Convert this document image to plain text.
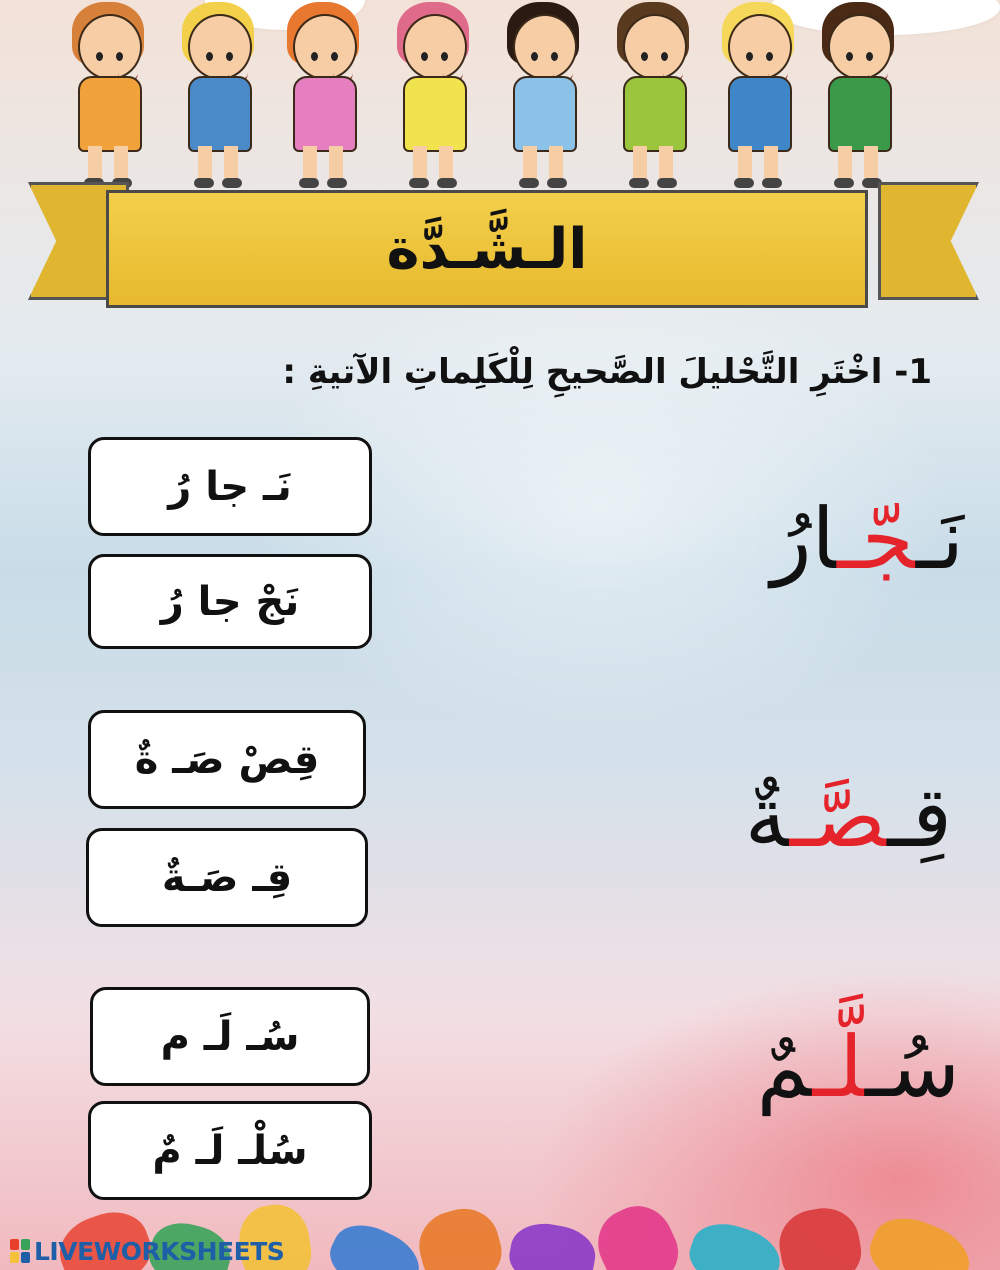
الـشَّـدَّة
1- اخْتَرِ التَّحْليلَ الصَّحيحِ لِلْكَلِماتِ الآتيةِ :
نَـجّـارُ
نَـ جا رُ
نَجْ جا رُ
قِـصَّـةٌ
قِصْ صَـ ةٌ
قِـ صَـةٌ
سُـلَّـمٌ
سُـ لَـ م
سُلْـ لَـ مٌ
LIVEWORKSHEETS
